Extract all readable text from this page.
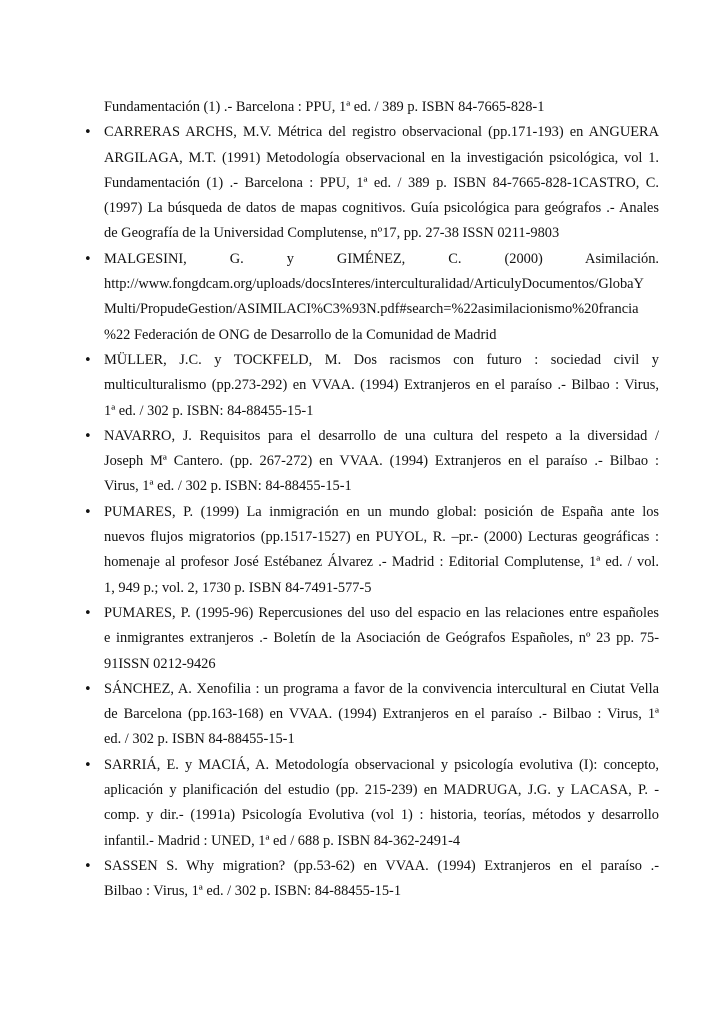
Fundamentación (1) .- Barcelona : PPU, 1ª ed. / 389 p. ISBN 84-7665-828-1
• CARRERAS ARCHS, M.V. Métrica del registro observacional (pp.171-193) en ANGUERA
ARGILAGA, M.T. (1991) Metodología observacional en la investigación psicológica, vol 1.
Fundamentación (1) .- Barcelona : PPU, 1ª ed. / 389 p. ISBN 84-7665-828-1CASTRO, C.
(1997) La búsqueda de datos de mapas cognitivos. Guía psicológica para geógrafos .- Anales
de Geografía de la Universidad Complutense, nº17, pp. 27-38 ISSN 0211-9803
• MALGESINI, G. y GIMÉNEZ, C. (2000) Asimilación.
http://www.fongdcam.org/uploads/docsInteres/interculturalidad/ArticulyDocumentos/GlobaY
Multi/PropudeGestion/ASIMILACI%C3%93N.pdf#search=%22asimilacionismo%20francia
%22 Federación de ONG de Desarrollo de la Comunidad de Madrid
• MÜLLER, J.C. y TOCKFELD, M. Dos racismos con futuro : sociedad civil y
multiculturalismo (pp.273-292) en VVAA. (1994) Extranjeros en el paraíso .- Bilbao : Virus,
1ª ed. / 302 p. ISBN: 84-88455-15-1
• NAVARRO, J. Requisitos para el desarrollo de una cultura del respeto a la diversidad /
Joseph Mª Cantero. (pp. 267-272) en VVAA. (1994) Extranjeros en el paraíso .- Bilbao :
Virus, 1ª ed. / 302 p. ISBN: 84-88455-15-1
• PUMARES, P. (1999) La inmigración en un mundo global: posición de España ante los
nuevos flujos migratorios (pp.1517-1527) en PUYOL, R. –pr.- (2000) Lecturas geográficas :
homenaje al profesor José Estébanez Álvarez .- Madrid : Editorial Complutense, 1ª ed. / vol.
1, 949 p.; vol. 2, 1730 p. ISBN 84-7491-577-5
• PUMARES, P. (1995-96) Repercusiones del uso del espacio en las relaciones entre españoles
e inmigrantes extranjeros .- Boletín de la Asociación de Geógrafos Españoles, nº 23 pp. 75-
91ISSN 0212-9426
• SÁNCHEZ, A. Xenofilia : un programa a favor de la convivencia intercultural en Ciutat Vella
de Barcelona (pp.163-168) en VVAA. (1994) Extranjeros en el paraíso .- Bilbao : Virus, 1ª
ed. / 302 p. ISBN 84-88455-15-1
• SARRIÁ, E. y MACIÁ, A. Metodología observacional y psicología evolutiva (I): concepto,
aplicación y planificación del estudio (pp. 215-239) en MADRUGA, J.G. y LACASA, P. -
comp. y dir.- (1991a) Psicología Evolutiva (vol 1) : historia, teorías, métodos y desarrollo
infantil.- Madrid : UNED, 1ª ed / 688 p. ISBN 84-362-2491-4
• SASSEN S. Why migration? (pp.53-62) en VVAA. (1994) Extranjeros en el paraíso .-
Bilbao : Virus, 1ª ed. / 302 p. ISBN: 84-88455-15-1
